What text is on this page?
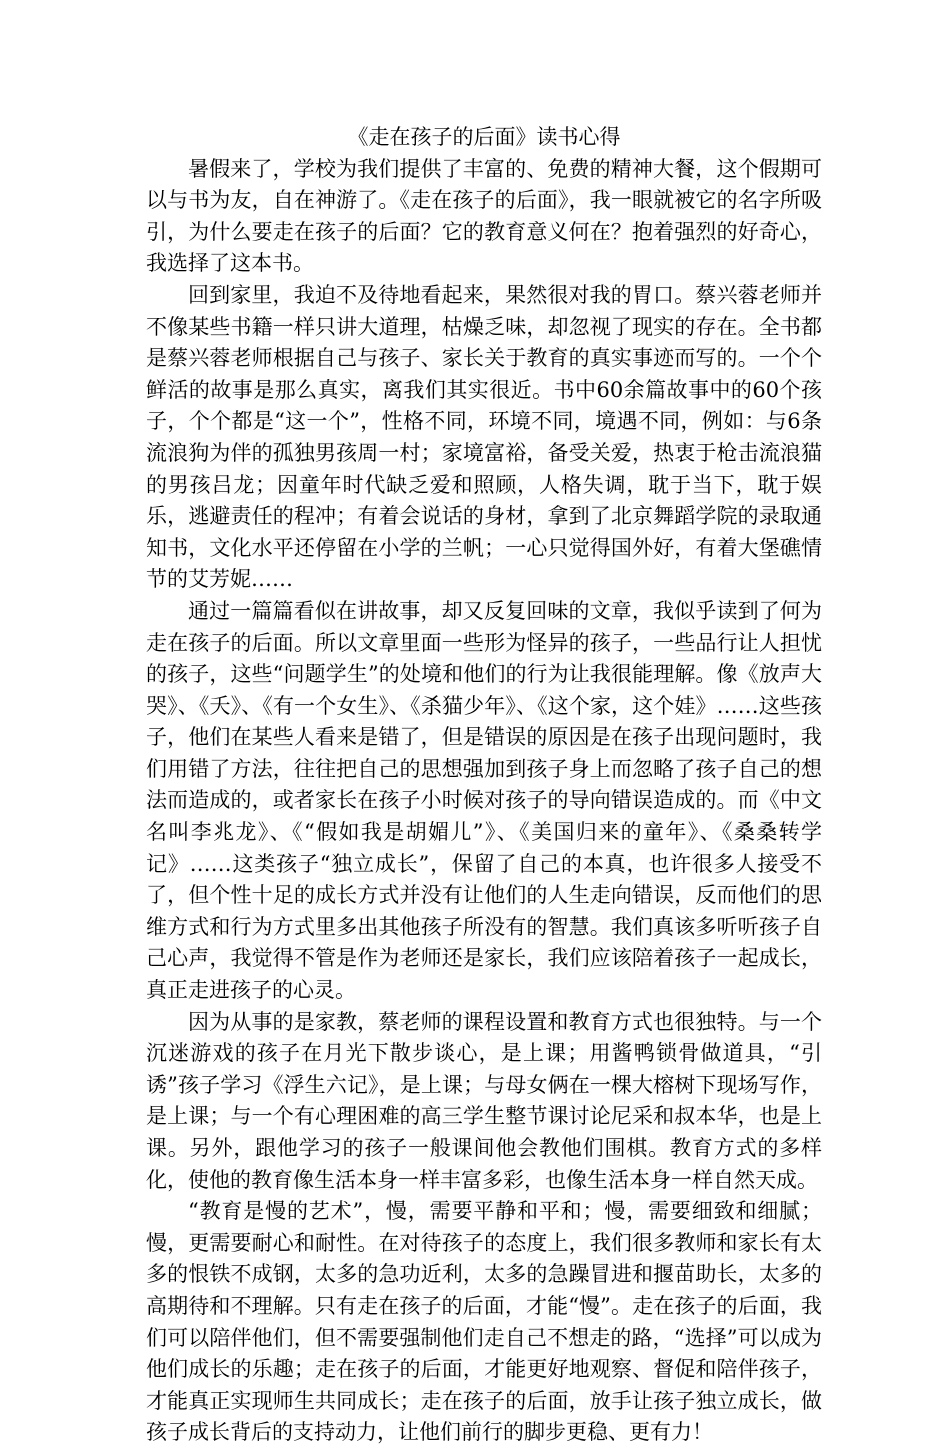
《走在孩子的后面》读书心得

暑假来了，学校为我们提供了丰富的、免费的精神大餐，这个假期可以与书为友，自在神游了。《走在孩子的后面》，我一眼就被它的名字所吸引，为什么要走在孩子的后面？它的教育意义何在？抱着强烈的好奇心，我选择了这本书。

回到家里，我迫不及待地看起来，果然很对我的胃口。蔡兴蓉老师并不像某些书籍一样只讲大道理，枯燥乏味，却忽视了现实的存在。全书都是蔡兴蓉老师根据自己与孩子、家长关于教育的真实事迹而写的。一个个鲜活的故事是那么真实，离我们其实很近。书中60余篇故事中的60个孩子，个个都是“这一个”，性格不同，环境不同，境遇不同，例如：与6条流浪狗为伴的孤独男孩周一村；家境富裕，备受关爱，热衷于枪击流浪猫的男孩吕龙；因童年时代缺乏爱和照顾，人格失调，耽于当下，耽于娱乐，逃避责任的程冲；有着会说话的身材，拿到了北京舞蹈学院的录取通知书，文化水平还停留在小学的兰帆；一心只觉得国外好，有着大堡礁情节的艾芳妮……

通过一篇篇看似在讲故事，却又反复回味的文章，我似乎读到了何为走在孩子的后面。所以文章里面一些形为怪异的孩子，一些品行让人担忧的孩子，这些“问题学生”的处境和他们的行为让我很能理解。像《放声大哭》、《夭》、《有一个女生》、《杀猫少年》、《这个家，这个娃》……这些孩子，他们在某些人看来是错了，但是错误的原因是在孩子出现问题时，我们用错了方法，往往把自己的思想强加到孩子身上而忽略了孩子自己的想法而造成的，或者家长在孩子小时候对孩子的导向错误造成的。而《中文名叫李兆龙》、《“假如我是胡媚儿”》、《美国归来的童年》、《桑桑转学记》……这类孩子“独立成长”，保留了自己的本真，也许很多人接受不了，但个性十足的成长方式并没有让他们的人生走向错误，反而他们的思维方式和行为方式里多出其他孩子所没有的智慧。我们真该多听听孩子自己心声，我觉得不管是作为老师还是家长，我们应该陪着孩子一起成长，真正走进孩子的心灵。

因为从事的是家教，蔡老师的课程设置和教育方式也很独特。与一个沉迷游戏的孩子在月光下散步谈心，是上课；用酱鸭锁骨做道具，“引诱”孩子学习《浮生六记》，是上课；与母女俩在一棵大榕树下现场写作，是上课；与一个有心理困难的高三学生整节课讨论尼采和叔本华，也是上课。另外，跟他学习的孩子一般课间他会教他们围棋。教育方式的多样化，使他的教育像生活本身一样丰富多彩，也像生活本身一样自然天成。

“教育是慢的艺术”，慢，需要平静和平和；慢，需要细致和细腻；慢，更需要耐心和耐性。在对待孩子的态度上，我们很多教师和家长有太多的恨铁不成钢，太多的急功近利，太多的急躁冒进和揠苗助长，太多的高期待和不理解。只有走在孩子的后面，才能“慢”。走在孩子的后面，我们可以陪伴他们，但不需要强制他们走自己不想走的路，“选择”可以成为他们成长的乐趣；走在孩子的后面，才能更好地观察、督促和陪伴孩子，才能真正实现师生共同成长；走在孩子的后面，放手让孩子独立成长，做孩子成长背后的支持动力，让他们前行的脚步更稳、更有力！
